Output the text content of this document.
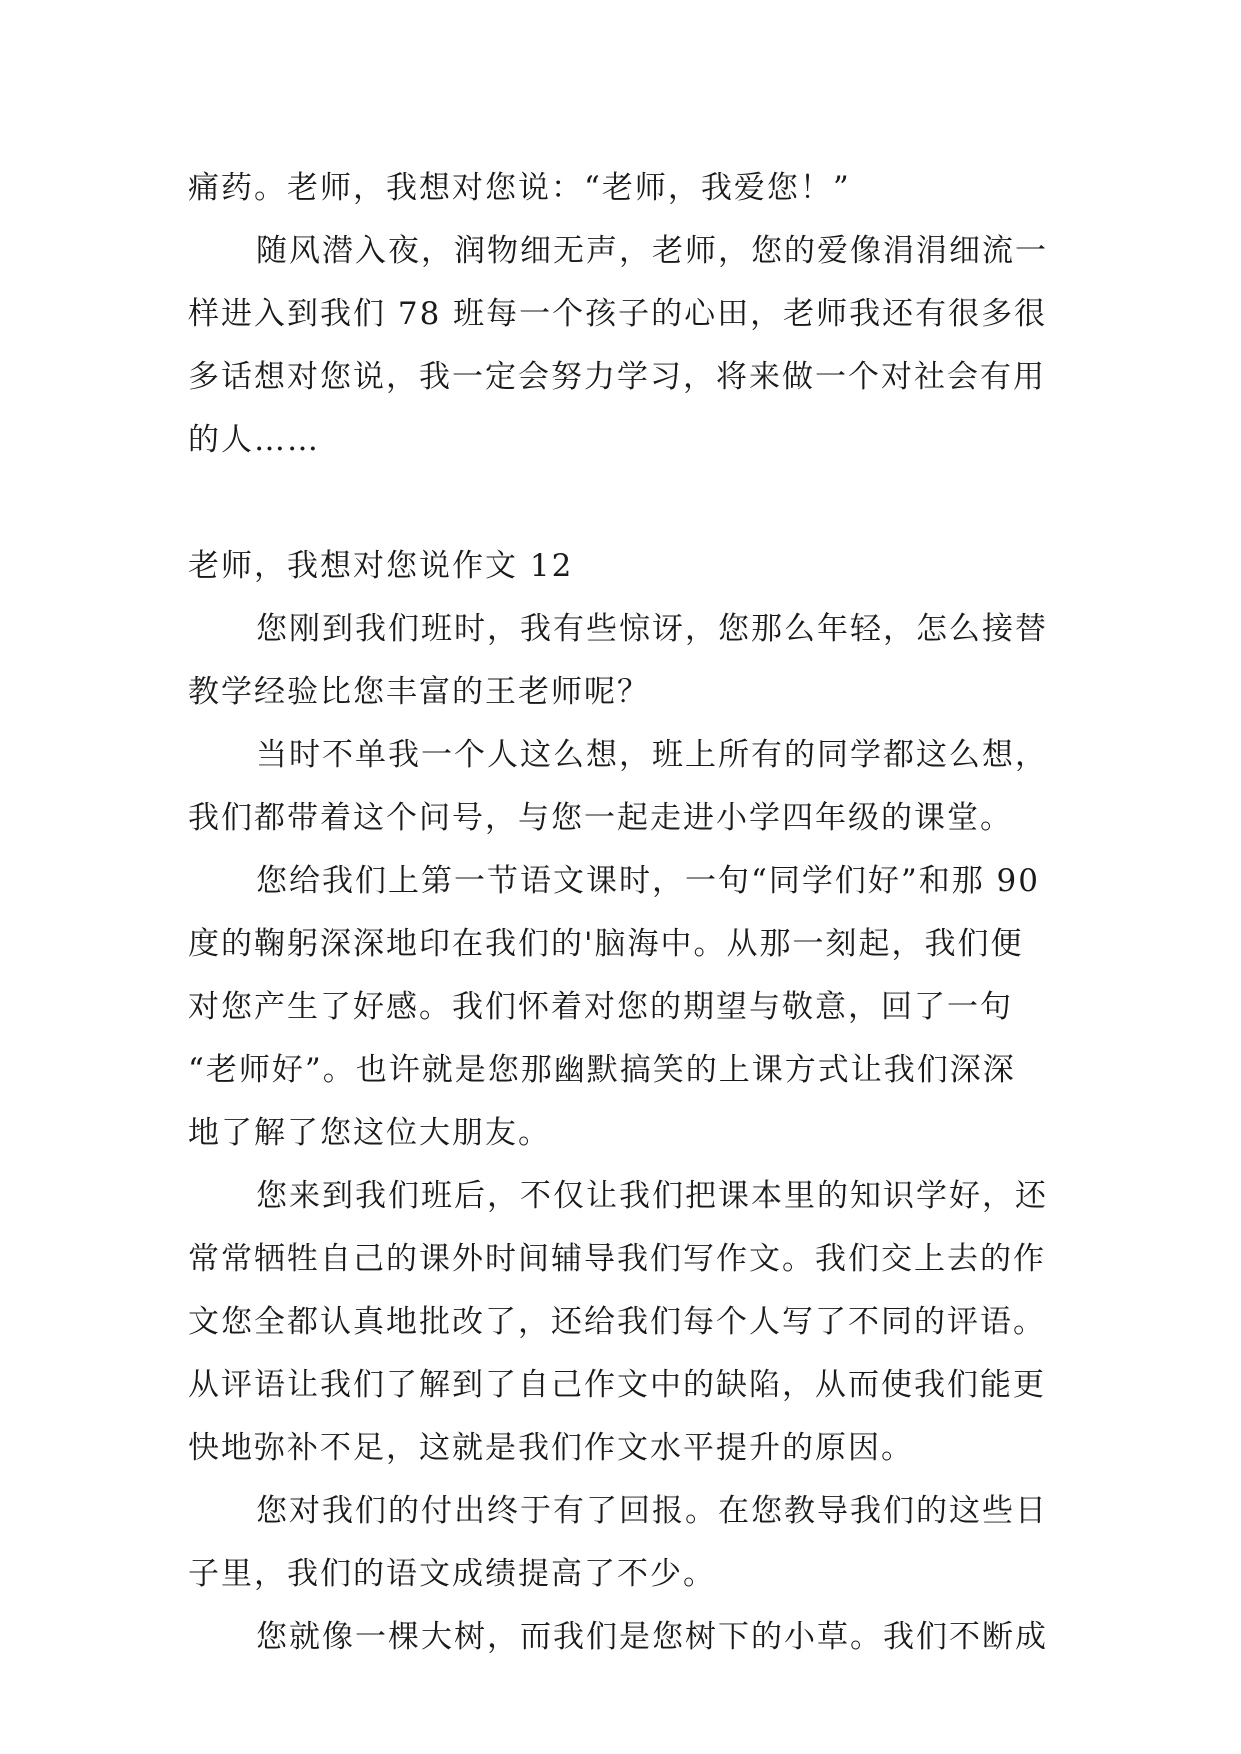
痛药。老师，我想对您说：“老师，我爱您！”
随风潜入夜，润物细无声，老师，您的爱像涓涓细流一
样进入到我们 78 班每一个孩子的心田，老师我还有很多很
多话想对您说，我一定会努力学习，将来做一个对社会有用
的人……
老师，我想对您说作文 12
您刚到我们班时，我有些惊讶，您那么年轻，怎么接替
教学经验比您丰富的王老师呢？
当时不单我一个人这么想，班上所有的同学都这么想，
我们都带着这个问号，与您一起走进小学四年级的课堂。
您给我们上第一节语文课时，一句“同学们好”和那 90
度的鞠躬深深地印在我们的'脑海中。从那一刻起，我们便
对您产生了好感。我们怀着对您的期望与敬意，回了一句
“老师好”。也许就是您那幽默搞笑的上课方式让我们深深
地了解了您这位大朋友。
您来到我们班后，不仅让我们把课本里的知识学好，还
常常牺牲自己的课外时间辅导我们写作文。我们交上去的作
文您全都认真地批改了，还给我们每个人写了不同的评语。
从评语让我们了解到了自己作文中的缺陷，从而使我们能更
快地弥补不足，这就是我们作文水平提升的原因。
您对我们的付出终于有了回报。在您教导我们的这些日
子里，我们的语文成绩提高了不少。
您就像一棵大树，而我们是您树下的小草。我们不断成
